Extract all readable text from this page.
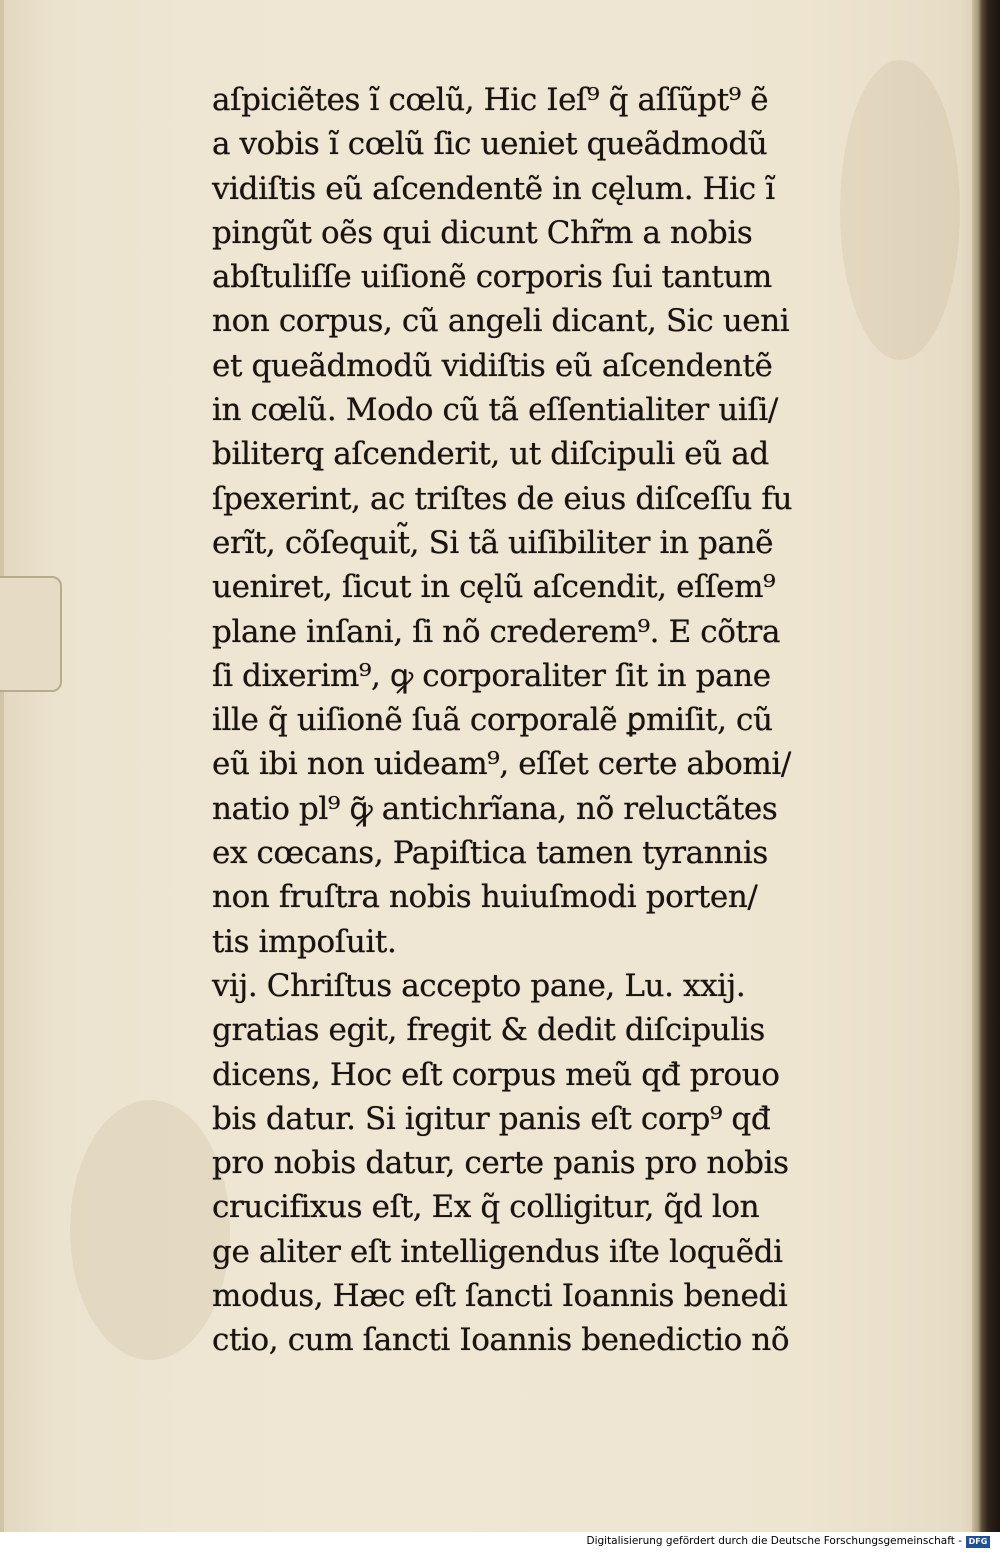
aſpiciẽtes ĩ cœlũ, Hic Ieſ⁹ q̃ aſſũpt⁹ ẽ
a vobis ĩ cœlũ ſic ueniet queãdmodũ
vidiſtis eũ aſcendentẽ in cęlum. Hic ĩ
pingũt oẽs qui dicunt Chr̃m a nobis
abſtuliſſe uiſionẽ corporis ſui tantum
non corpus, cũ angeli dicant, Sic ueni
et queãdmodũ vidiſtis eũ aſcendentẽ
in cœlũ. Modo cũ tã eſſentialiter uiſi/
biliterq̧ aſcenderit, ut diſcipuli eũ ad
ſpexerint, ac triſtes de eius diſceſſu fu
erĩt, cõſequit̃, Si tã uiſibiliter in panẽ
ueniret, ſicut in cęlũ aſcendit, eſſem⁹
plane inſani, ſi nõ crederem⁹. E cõtra
ſi dixerim⁹, ꝙ corporaliter ſit in pane
ille q̃ uiſionẽ ſuã corporalẽ ꝑmiſit, cũ
eũ ibi non uideam⁹, eſſet certe abomi/
natio pl⁹ ꝙ̃ antichrĩana, nõ reluctãtes
ex cœcans, Papiſtica tamen tyrannis
non fruſtra nobis huiuſmodi porten/
tis impoſuit.
vij. Chriſtus accepto pane, Lu. xxij.
gratias egit, fregit & dedit diſcipulis
dicens, Hoc eſt corpus meũ qđ prouo
bis datur. Si igitur panis eſt corp⁹ qđ
pro nobis datur, certe panis pro nobis
crucifixus eſt, Ex q̃ colligitur, q̃d lon
ge aliter eſt intelligendus iſte loquẽdi
modus, Hæc eſt ſancti Ioannis benedi
ctio, cum ſancti Ioannis benedictio nõ
Digitalisierung gefördert durch die Deutsche Forschungsgemeinschaft - DFG
